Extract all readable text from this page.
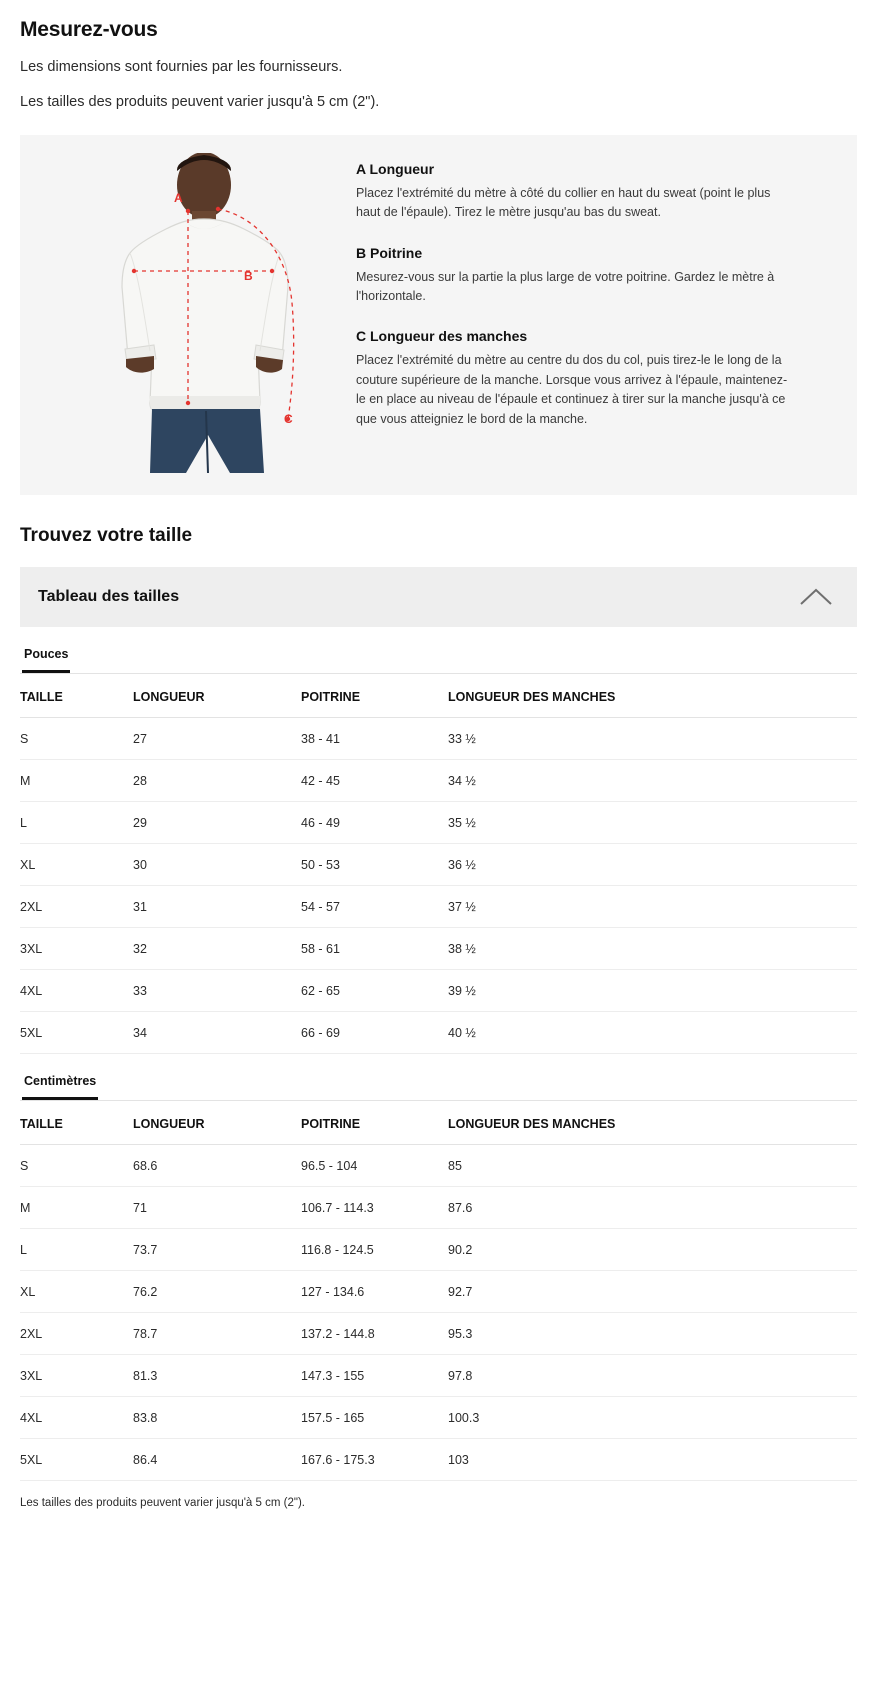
Mesurez-vous
Les dimensions sont fournies par les fournisseurs.
Les tailles des produits peuvent varier jusqu'à 5 cm (2").
A
B
C
A Longueur
Placez l'extrémité du mètre à côté du collier en haut du sweat (point le plus haut de l'épaule). Tirez le mètre jusqu'au bas du sweat.
B Poitrine
Mesurez-vous sur la partie la plus large de votre poitrine. Gardez le mètre à l'horizontale.
C Longueur des manches
Placez l'extrémité du mètre au centre du dos du col, puis tirez-le le long de la couture supérieure de la manche. Lorsque vous arrivez à l'épaule, maintenez-le en place au niveau de l'épaule et continuez à tirer sur la manche jusqu'à ce que vous atteigniez le bord de la manche.
Trouvez votre taille
Tableau des tailles
Pouces
TAILLE	LONGUEUR	POITRINE	LONGUEUR DES MANCHES
S	27	38 - 41	33 ½
M	28	42 - 45	34 ½
L	29	46 - 49	35 ½
XL	30	50 - 53	36 ½
2XL	31	54 - 57	37 ½
3XL	32	58 - 61	38 ½
4XL	33	62 - 65	39 ½
5XL	34	66 - 69	40 ½
Centimètres
TAILLE	LONGUEUR	POITRINE	LONGUEUR DES MANCHES
S	68.6	96.5 - 104	85
M	71	106.7 - 114.3	87.6
L	73.7	116.8 - 124.5	90.2
XL	76.2	127 - 134.6	92.7
2XL	78.7	137.2 - 144.8	95.3
3XL	81.3	147.3 - 155	97.8
4XL	83.8	157.5 - 165	100.3
5XL	86.4	167.6 - 175.3	103
Les tailles des produits peuvent varier jusqu'à 5 cm (2").
